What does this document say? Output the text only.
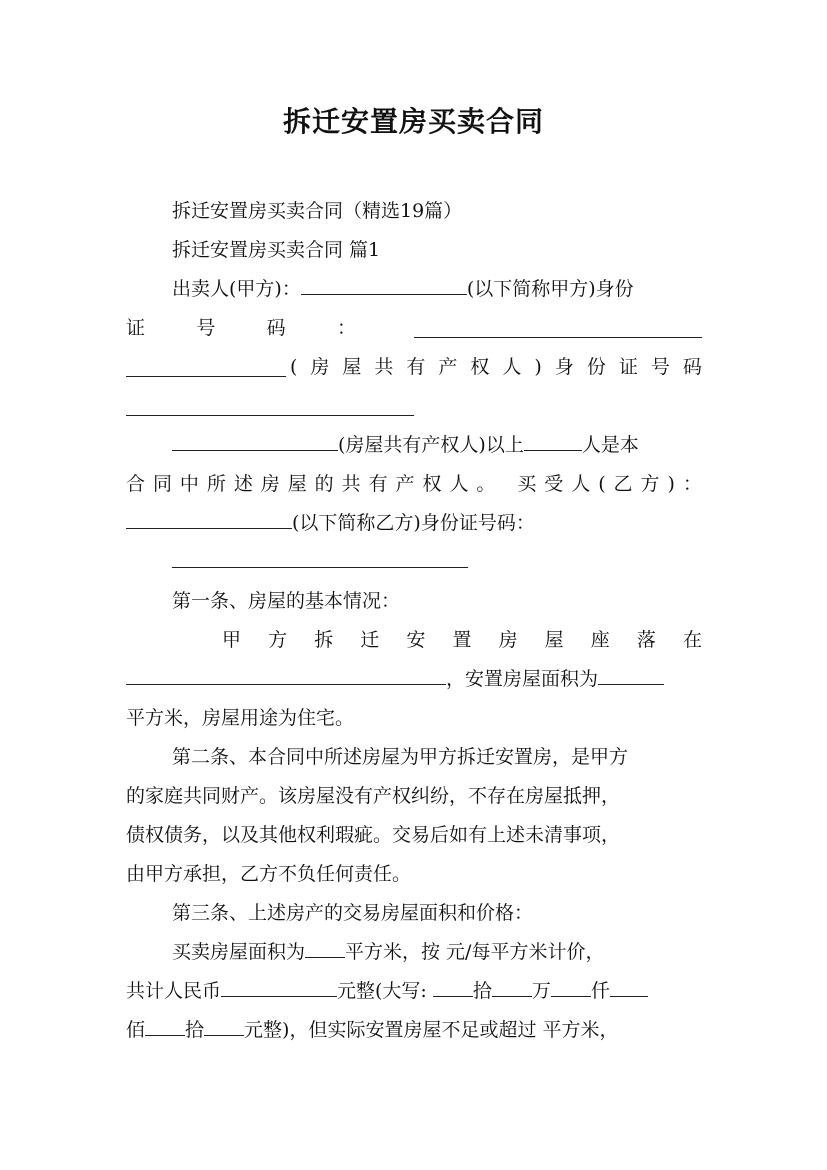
拆迁安置房买卖合同
拆迁安置房买卖合同（精选19篇）
拆迁安置房买卖合同 篇1
出卖人(甲方)：	(以下简称甲方)身份
证	号	码	：
( 房 屋 共 有 产 权 人 ) 身 份 证 号 码
(房屋共有产权人)以上	人是本
合 同 中 所 述 房 屋 的 共 有 产 权 人 。
买 受 人 ( 乙 方 ) ：
(以下简称乙方)身份证号码：
第一条、房屋的基本情况：
甲 方 拆 迁 安 置 房 屋 座 落 在
，安置房屋面积为
平方米，房屋用途为住宅。
第二条、本合同中所述房屋为甲方拆迁安置房，是甲方
的家庭共同财产。该房屋没有产权纠纷，不存在房屋抵押，
债权债务，以及其他权利瑕疵。交易后如有上述未清事项，
由甲方承担，乙方不负任何责任。
第三条、上述房产的交易房屋面积和价格：
买卖房屋面积为 平方米，按 元/每平方米计价，
共计人民币	元整(大写: 拾 万 仟
佰 拾 元整)，但实际安置房屋不足或超过 平方米，
